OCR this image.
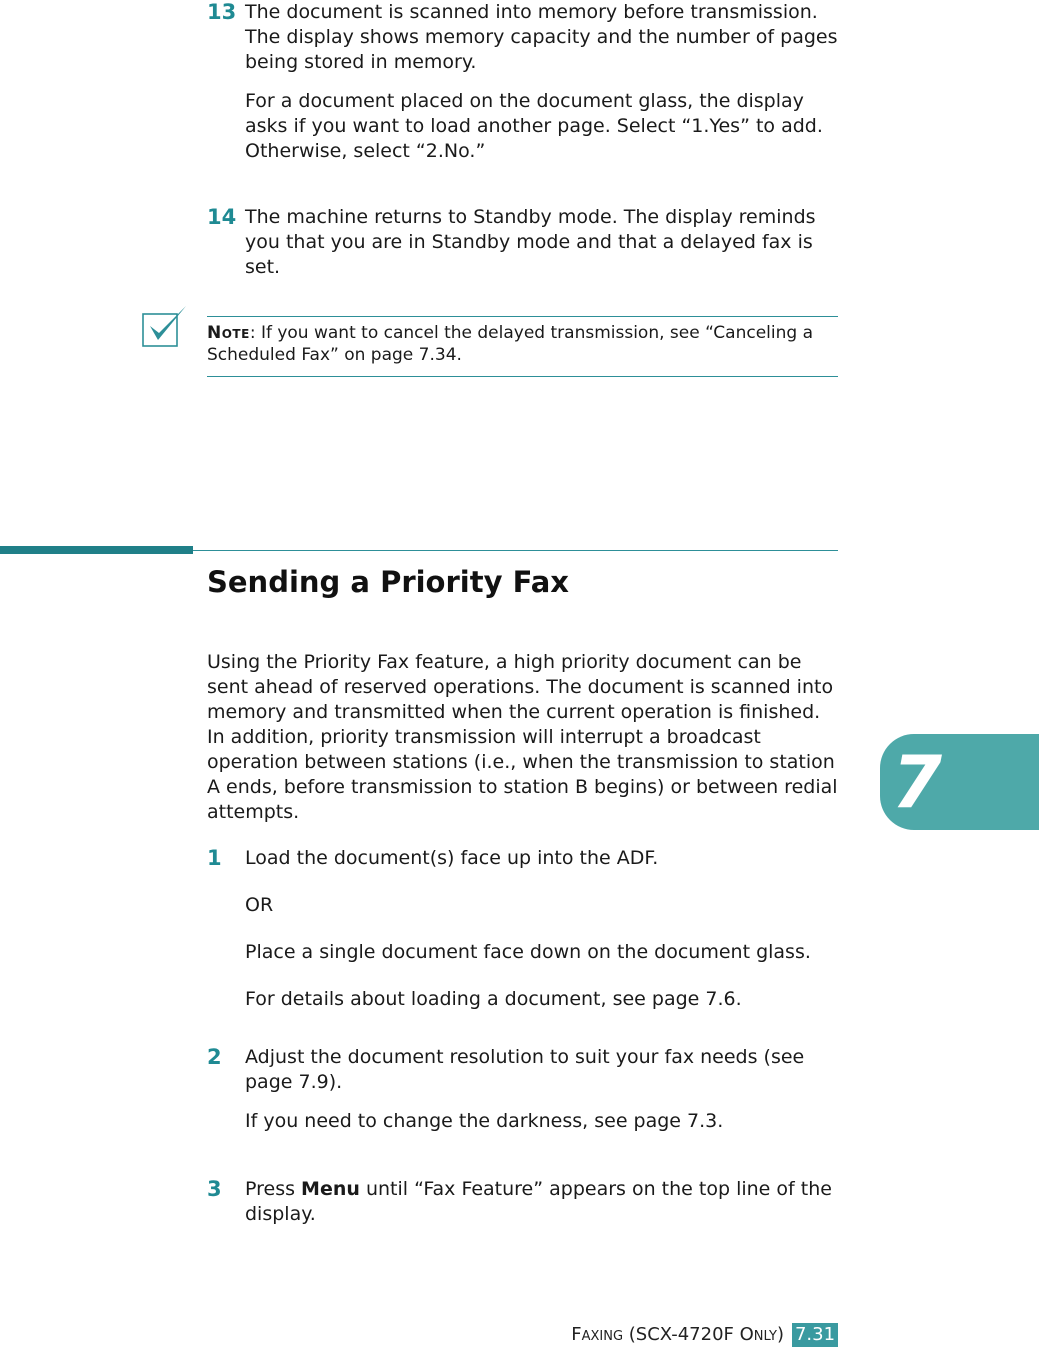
13 The document is scanned into memory before transmission. The display shows memory capacity and the number of pages being stored in memory.

For a document placed on the document glass, the display asks if you want to load another page. Select “1.Yes” to add. Otherwise, select “2.No.”

14 The machine returns to Standby mode. The display reminds you that you are in Standby mode and that a delayed fax is set.

Note: If you want to cancel the delayed transmission, see “Canceling a Scheduled Fax” on page 7.34.
Sending a Priority Fax

Using the Priority Fax feature, a high priority document can be sent ahead of reserved operations. The document is scanned into memory and transmitted when the current operation is finished. In addition, priority transmission will interrupt a broadcast operation between stations (i.e., when the transmission to station A ends, before transmission to station B begins) or between redial attempts.

1 Load the document(s) face up into the ADF.

OR

Place a single document face down on the document glass.

For details about loading a document, see page 7.6.

2 Adjust the document resolution to suit your fax needs (see page 7.9).

If you need to change the darkness, see page 7.3.

3 Press Menu until “Fax Feature” appears on the top line of the display.

7
Faxing (SCX-4720F Only) 7.31
